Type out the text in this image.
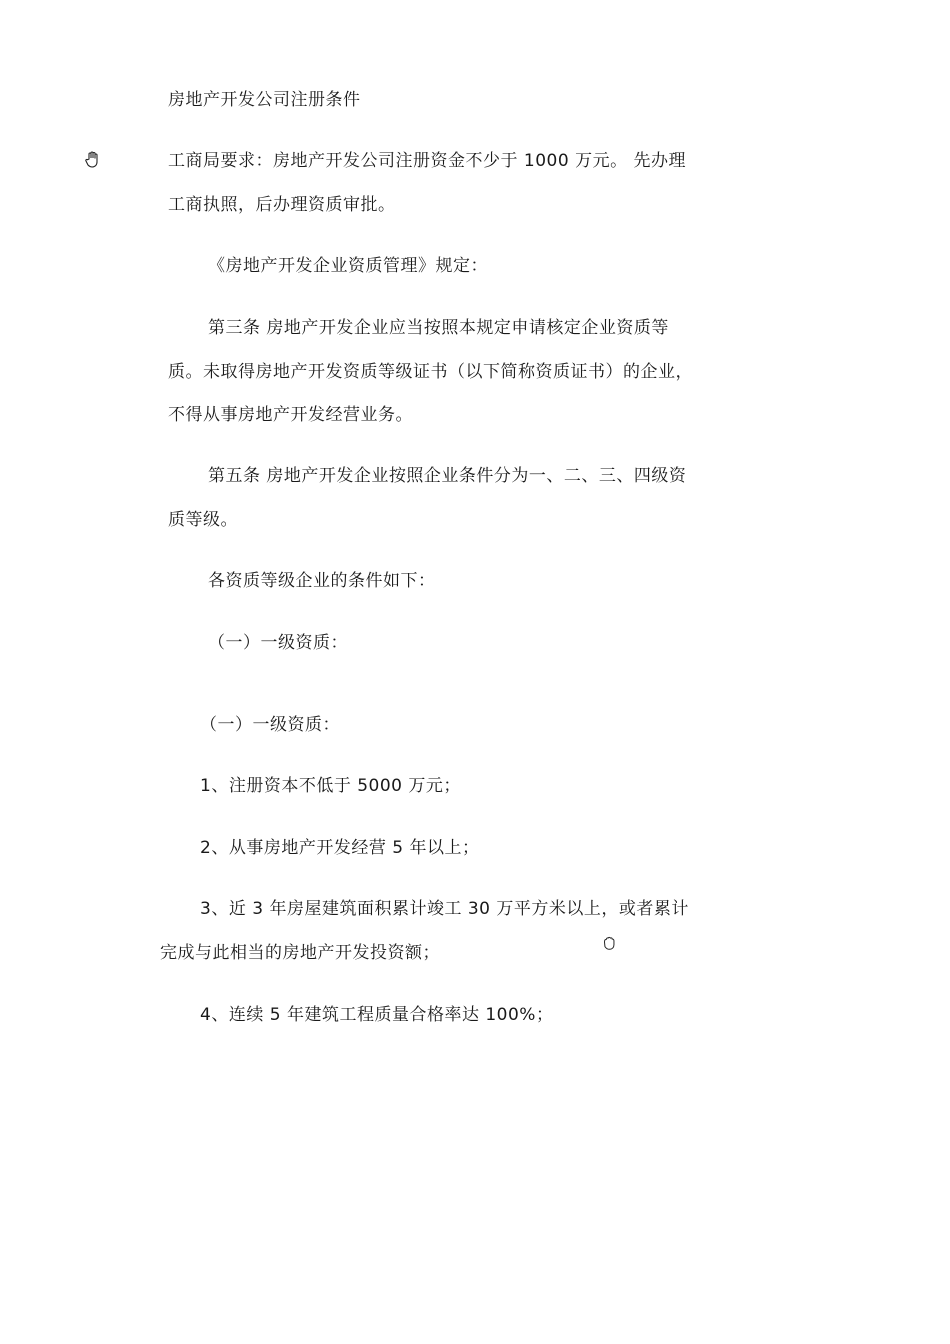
房地产开发公司注册条件
工商局要求：房地产开发公司注册资金不少于 1000 万元。 先办理
工商执照，后办理资质审批。
《房地产开发企业资质管理》规定：
第三条 房地产开发企业应当按照本规定申请核定企业资质等
质。未取得房地产开发资质等级证书（以下简称资质证书）的企业，
不得从事房地产开发经营业务。
第五条 房地产开发企业按照企业条件分为一、二、三、四级资
质等级。
各资质等级企业的条件如下：
（一）一级资质：
（一）一级资质：
1、注册资本不低于 5000 万元；
2、从事房地产开发经营 5 年以上；
3、近 3 年房屋建筑面积累计竣工 30 万平方米以上，或者累计
完成与此相当的房地产开发投资额；
4、连续 5 年建筑工程质量合格率达 100%；
